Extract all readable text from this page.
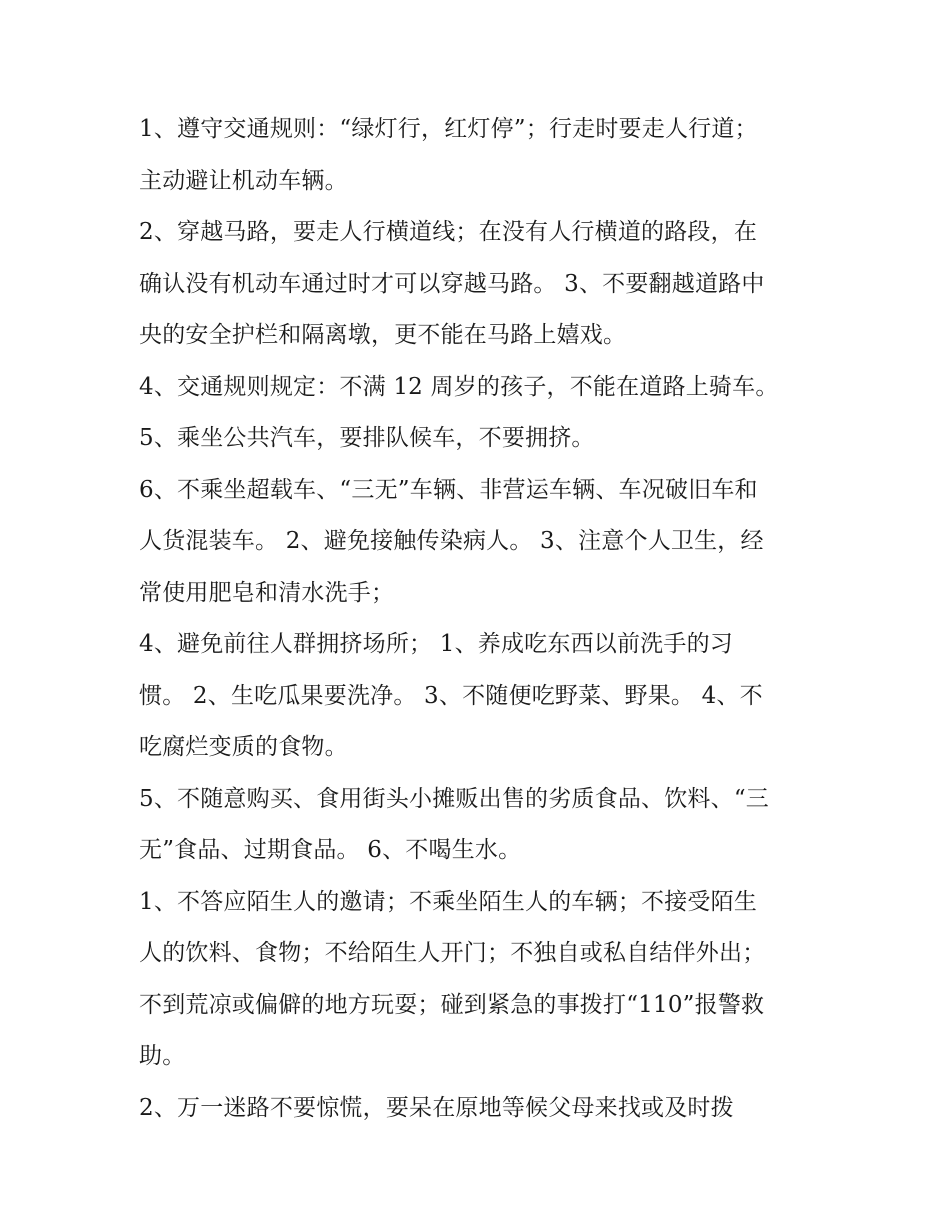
1、遵守交通规则：“绿灯行，红灯停”；行走时要走人行道；
主动避让机动车辆。
2、穿越马路，要走人行横道线；在没有人行横道的路段，在
确认没有机动车通过时才可以穿越马路。 3、不要翻越道路中
央的安全护栏和隔离墩，更不能在马路上嬉戏。
4、交通规则规定：不满 12 周岁的孩子，不能在道路上骑车。
5、乘坐公共汽车，要排队候车，不要拥挤。
6、不乘坐超载车、“三无”车辆、非营运车辆、车况破旧车和
人货混装车。 2、避免接触传染病人。 3、注意个人卫生，经
常使用肥皂和清水洗手；
4、避免前往人群拥挤场所； 1、养成吃东西以前洗手的习
惯。 2、生吃瓜果要洗净。 3、不随便吃野菜、野果。 4、不
吃腐烂变质的食物。
5、不随意购买、食用街头小摊贩出售的劣质食品、饮料、“三
无”食品、过期食品。 6、不喝生水。
1、不答应陌生人的邀请；不乘坐陌生人的车辆；不接受陌生
人的饮料、食物；不给陌生人开门；不独自或私自结伴外出；
不到荒凉或偏僻的地方玩耍；碰到紧急的事拨打“110”报警救
助。
2、万一迷路不要惊慌，要呆在原地等候父母来找或及时拨
